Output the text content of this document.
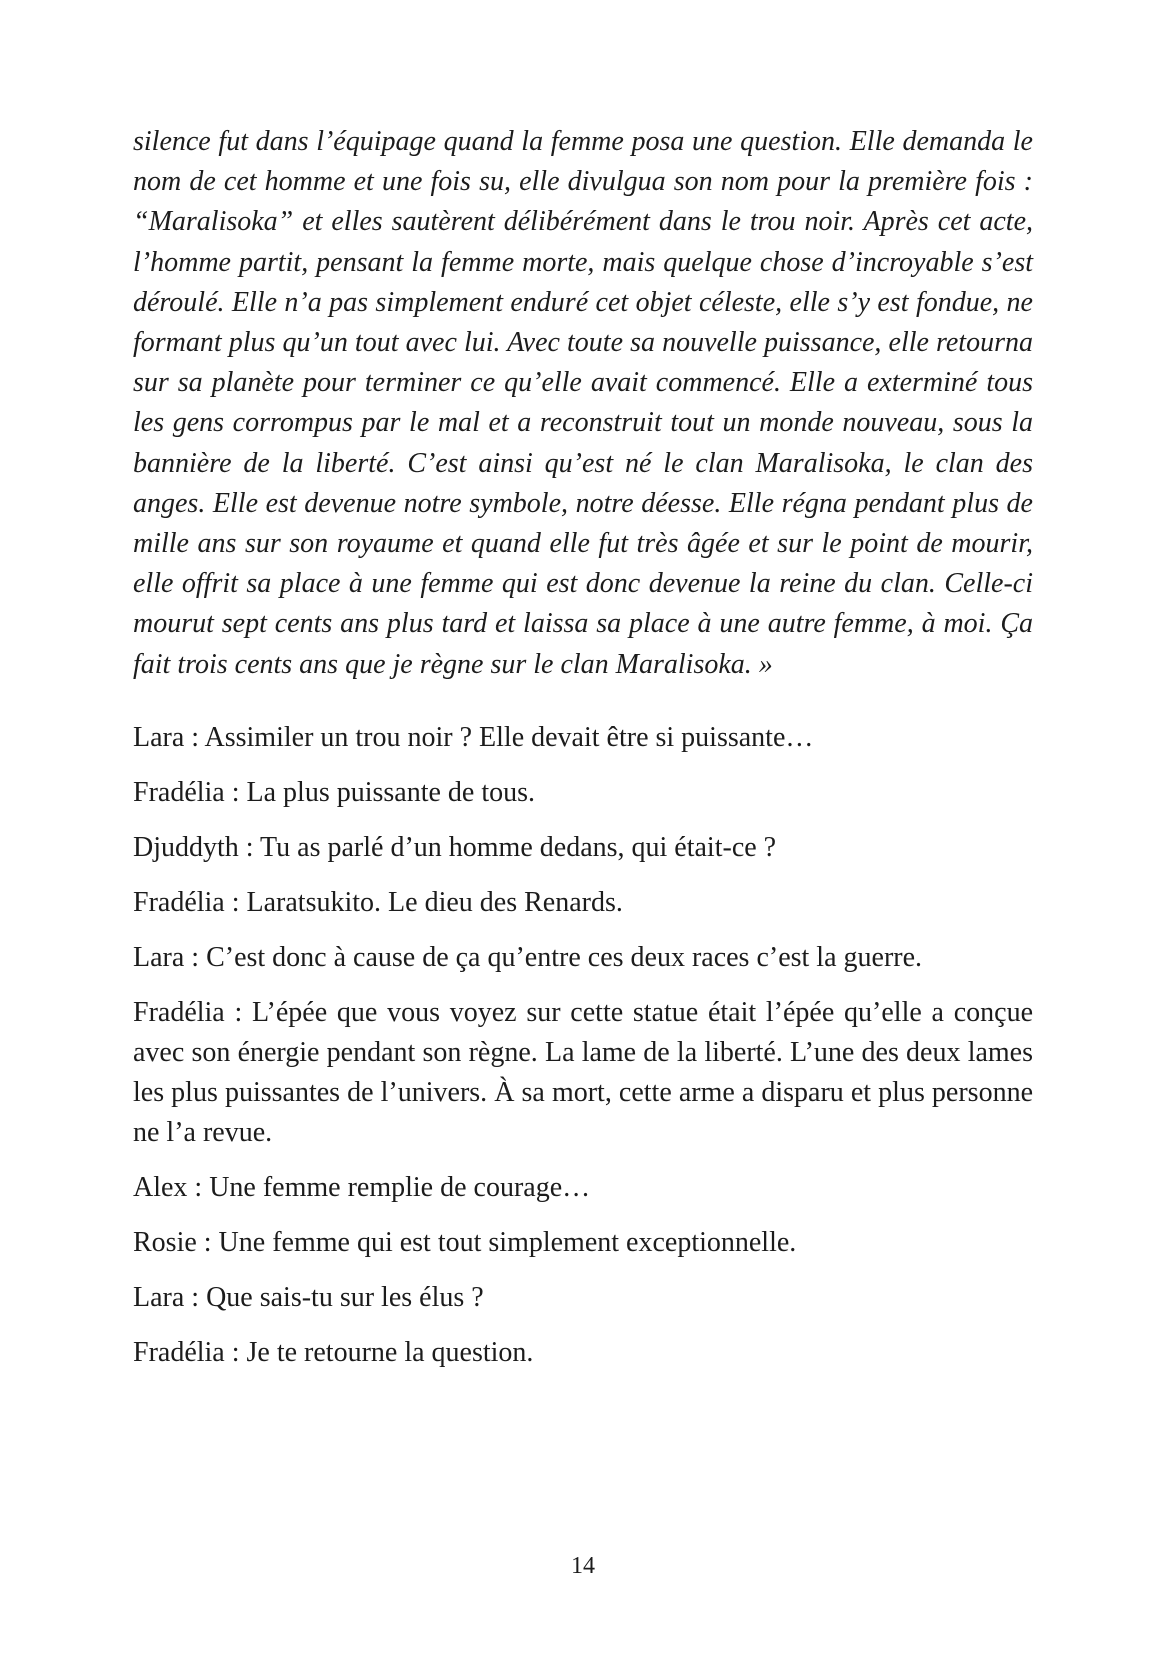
silence fut dans l’équipage quand la femme posa une question. Elle demanda le nom de cet homme et une fois su, elle divulgua son nom pour la première fois : “Maralisoka” et elles sautèrent délibérément dans le trou noir. Après cet acte, l’homme partit, pensant la femme morte, mais quelque chose d’incroyable s’est déroulé. Elle n’a pas simplement enduré cet objet céleste, elle s’y est fondue, ne formant plus qu’un tout avec lui. Avec toute sa nouvelle puissance, elle retourna sur sa planète pour terminer ce qu’elle avait commencé. Elle a exterminé tous les gens corrompus par le mal et a reconstruit tout un monde nouveau, sous la bannière de la liberté. C’est ainsi qu’est né le clan Maralisoka, le clan des anges. Elle est devenue notre symbole, notre déesse. Elle régna pendant plus de mille ans sur son royaume et quand elle fut très âgée et sur le point de mourir, elle offrit sa place à une femme qui est donc devenue la reine du clan. Celle-ci mourut sept cents ans plus tard et laissa sa place à une autre femme, à moi. Ça fait trois cents ans que je règne sur le clan Maralisoka. »

Lara : Assimiler un trou noir ? Elle devait être si puissante…

Fradélia : La plus puissante de tous.

Djuddyth : Tu as parlé d’un homme dedans, qui était-ce ?

Fradélia : Laratsukito. Le dieu des Renards.

Lara : C’est donc à cause de ça qu’entre ces deux races c’est la guerre.

Fradélia : L’épée que vous voyez sur cette statue était l’épée qu’elle a conçue avec son énergie pendant son règne. La lame de la liberté. L’une des deux lames les plus puissantes de l’univers. À sa mort, cette arme a disparu et plus personne ne l’a revue.

Alex : Une femme remplie de courage…

Rosie : Une femme qui est tout simplement exceptionnelle.

Lara : Que sais-tu sur les élus ?

Fradélia : Je te retourne la question.

14
